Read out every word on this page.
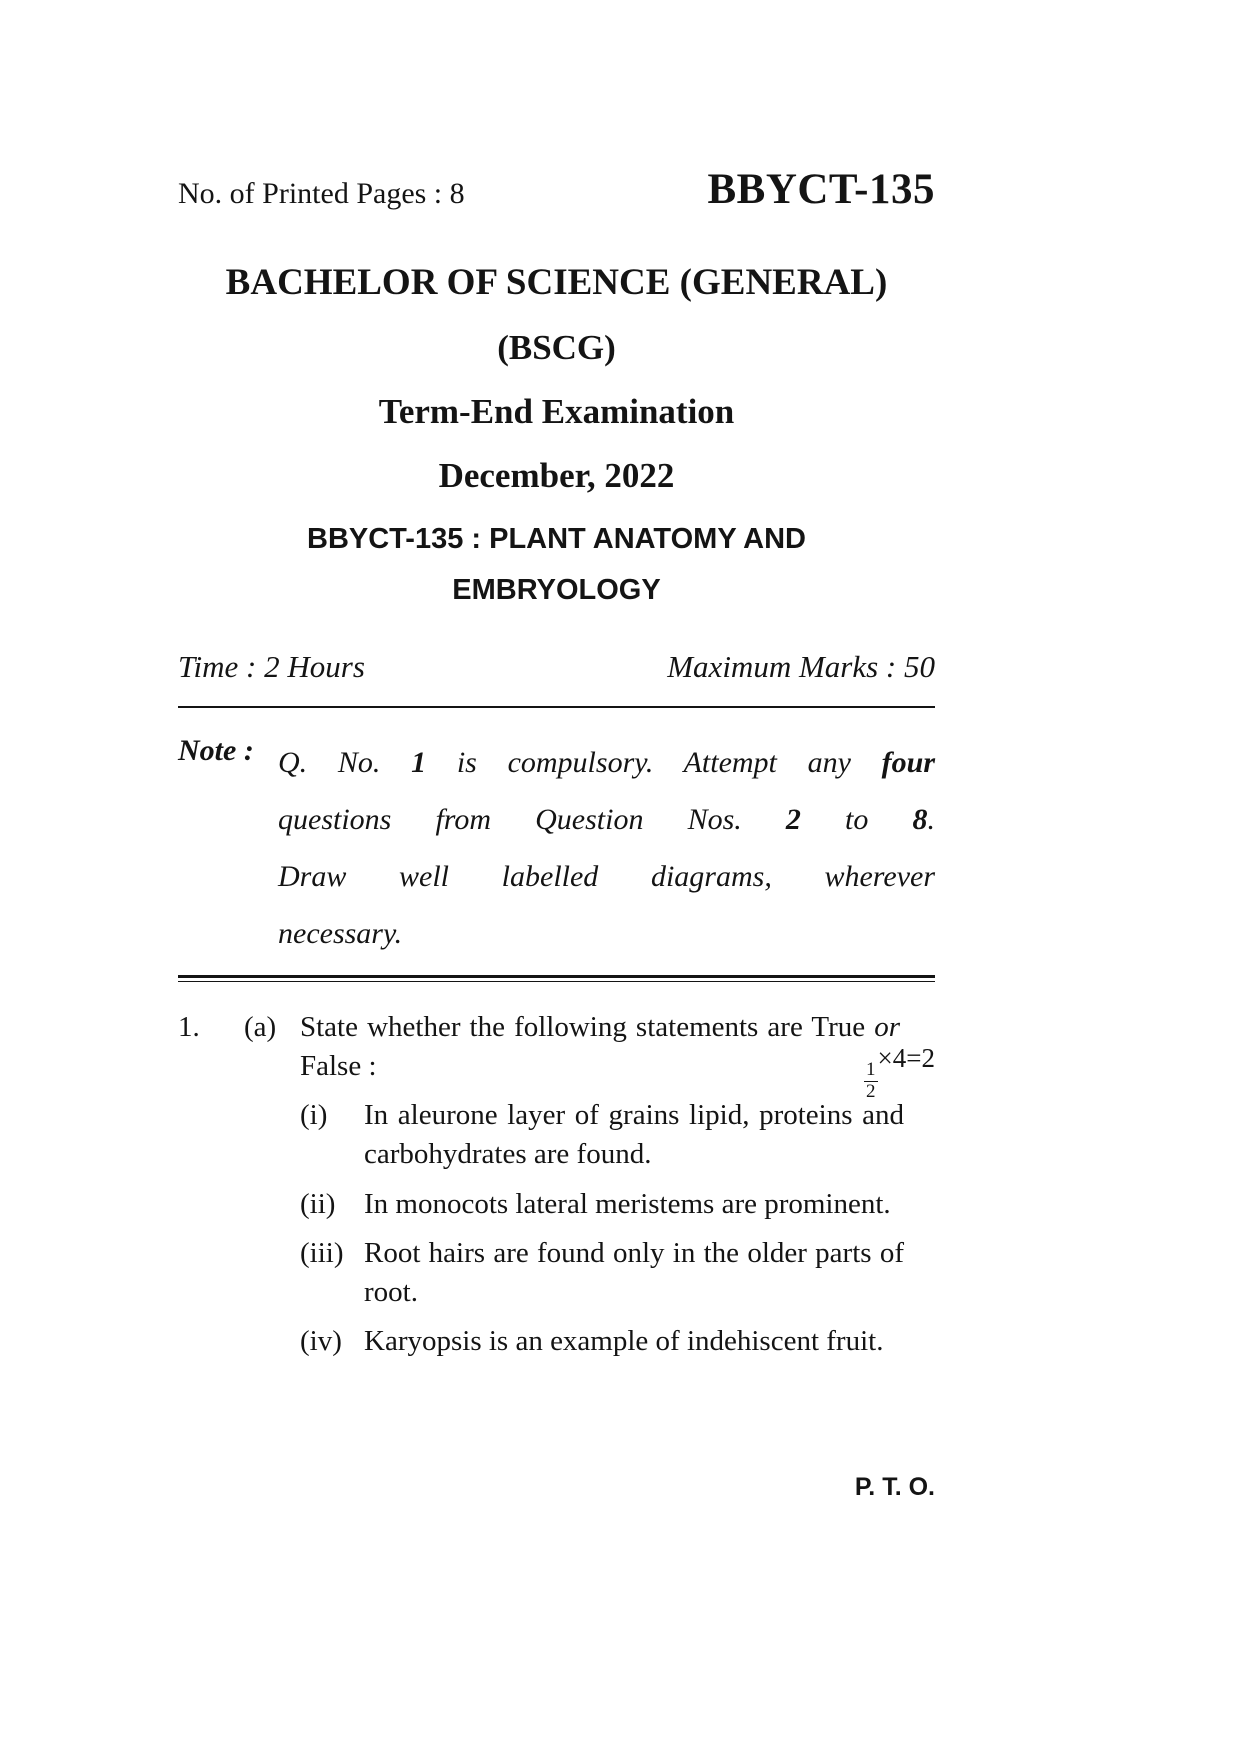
No. of Printed Pages : 8	BBYCT-135
BACHELOR OF SCIENCE (GENERAL)
(BSCG)
Term-End Examination
December, 2022
BBYCT-135 : PLANT ANATOMY AND
EMBRYOLOGY
Time : 2 Hours	Maximum Marks : 50
Note : Q. No. 1 is compulsory. Attempt any four
questions from Question Nos. 2 to 8.
Draw well labelled diagrams, wherever
necessary.
1.	(a) State whether the following statements are True or False :	$\frac{1}{2}$
×4=2
(i)	In aleurone layer of grains lipid, proteins and carbohydrates are found.
(ii) In monocots lateral meristems are prominent.
(iii) Root hairs are found only in the older parts of root.
(iv) Karyopsis is an example of indehiscent fruit.
P. T. O.
